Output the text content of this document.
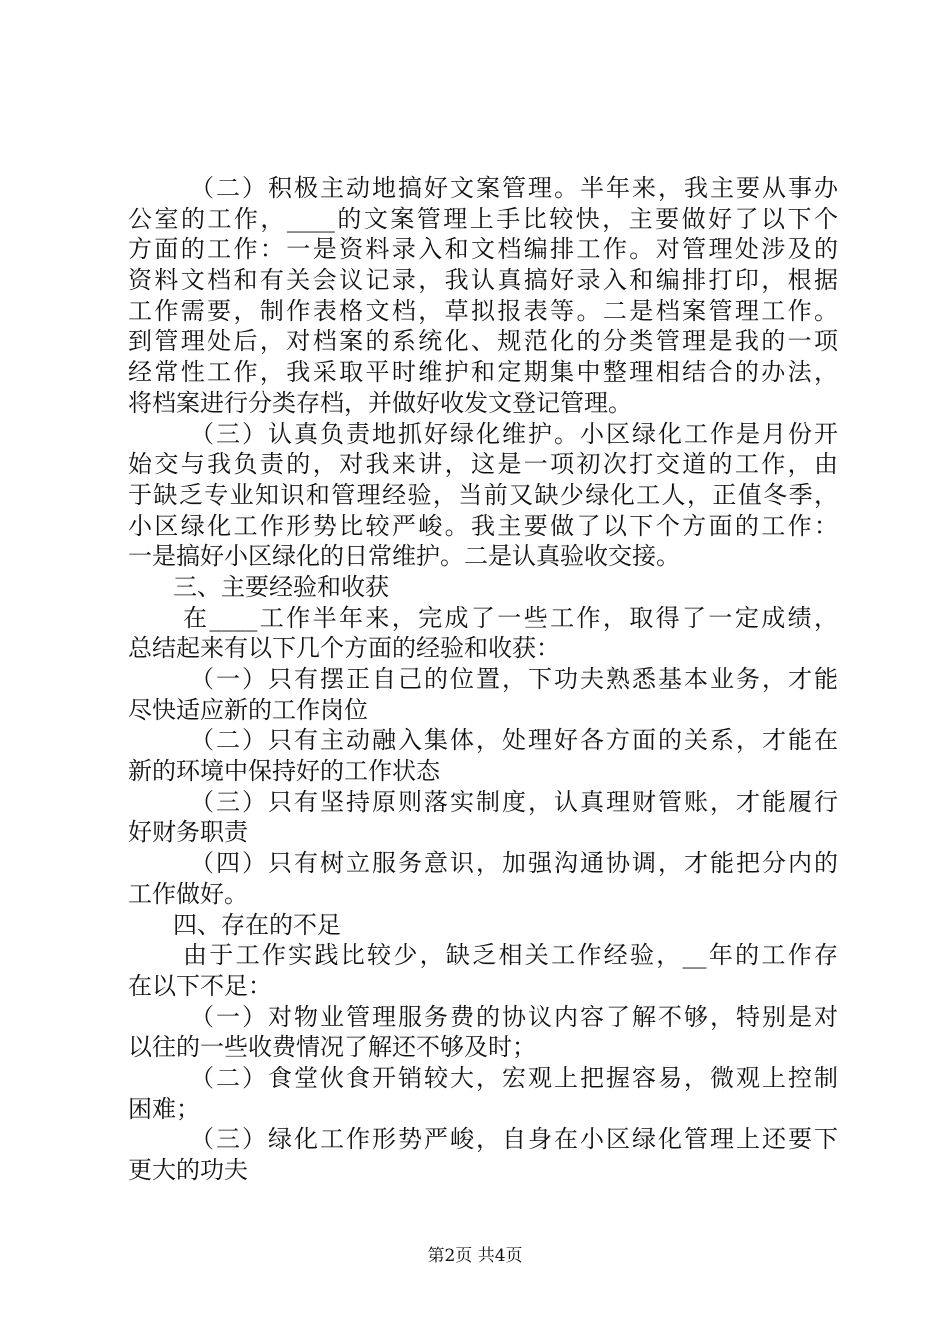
（二）积极主动地搞好文案管理。半年来，我主要从事办
公室的工作，____的文案管理上手比较快，主要做好了以下个
方面的工作：一是资料录入和文档编排工作。对管理处涉及的
资料文档和有关会议记录，我认真搞好录入和编排打印，根据
工作需要，制作表格文档，草拟报表等。二是档案管理工作。
到管理处后，对档案的系统化、规范化的分类管理是我的一项
经常性工作，我采取平时维护和定期集中整理相结合的办法，
将档案进行分类存档，并做好收发文登记管理。
（三）认真负责地抓好绿化维护。小区绿化工作是月份开
始交与我负责的，对我来讲，这是一项初次打交道的工作，由
于缺乏专业知识和管理经验，当前又缺少绿化工人，正值冬季，
小区绿化工作形势比较严峻。我主要做了以下个方面的工作：
一是搞好小区绿化的日常维护。二是认真验收交接。
三、主要经验和收获
在____工作半年来，完成了一些工作，取得了一定成绩，
总结起来有以下几个方面的经验和收获：
（一）只有摆正自己的位置，下功夫熟悉基本业务，才能
尽快适应新的工作岗位
（二）只有主动融入集体，处理好各方面的关系，才能在
新的环境中保持好的工作状态
（三）只有坚持原则落实制度，认真理财管账，才能履行
好财务职责
（四）只有树立服务意识，加强沟通协调，才能把分内的
工作做好。
四、存在的不足
由于工作实践比较少，缺乏相关工作经验，__年的工作存
在以下不足：
（一）对物业管理服务费的协议内容了解不够，特别是对
以往的一些收费情况了解还不够及时；
（二）食堂伙食开销较大，宏观上把握容易，微观上控制
困难；
（三）绿化工作形势严峻，自身在小区绿化管理上还要下
更大的功夫
第2页 共4页
